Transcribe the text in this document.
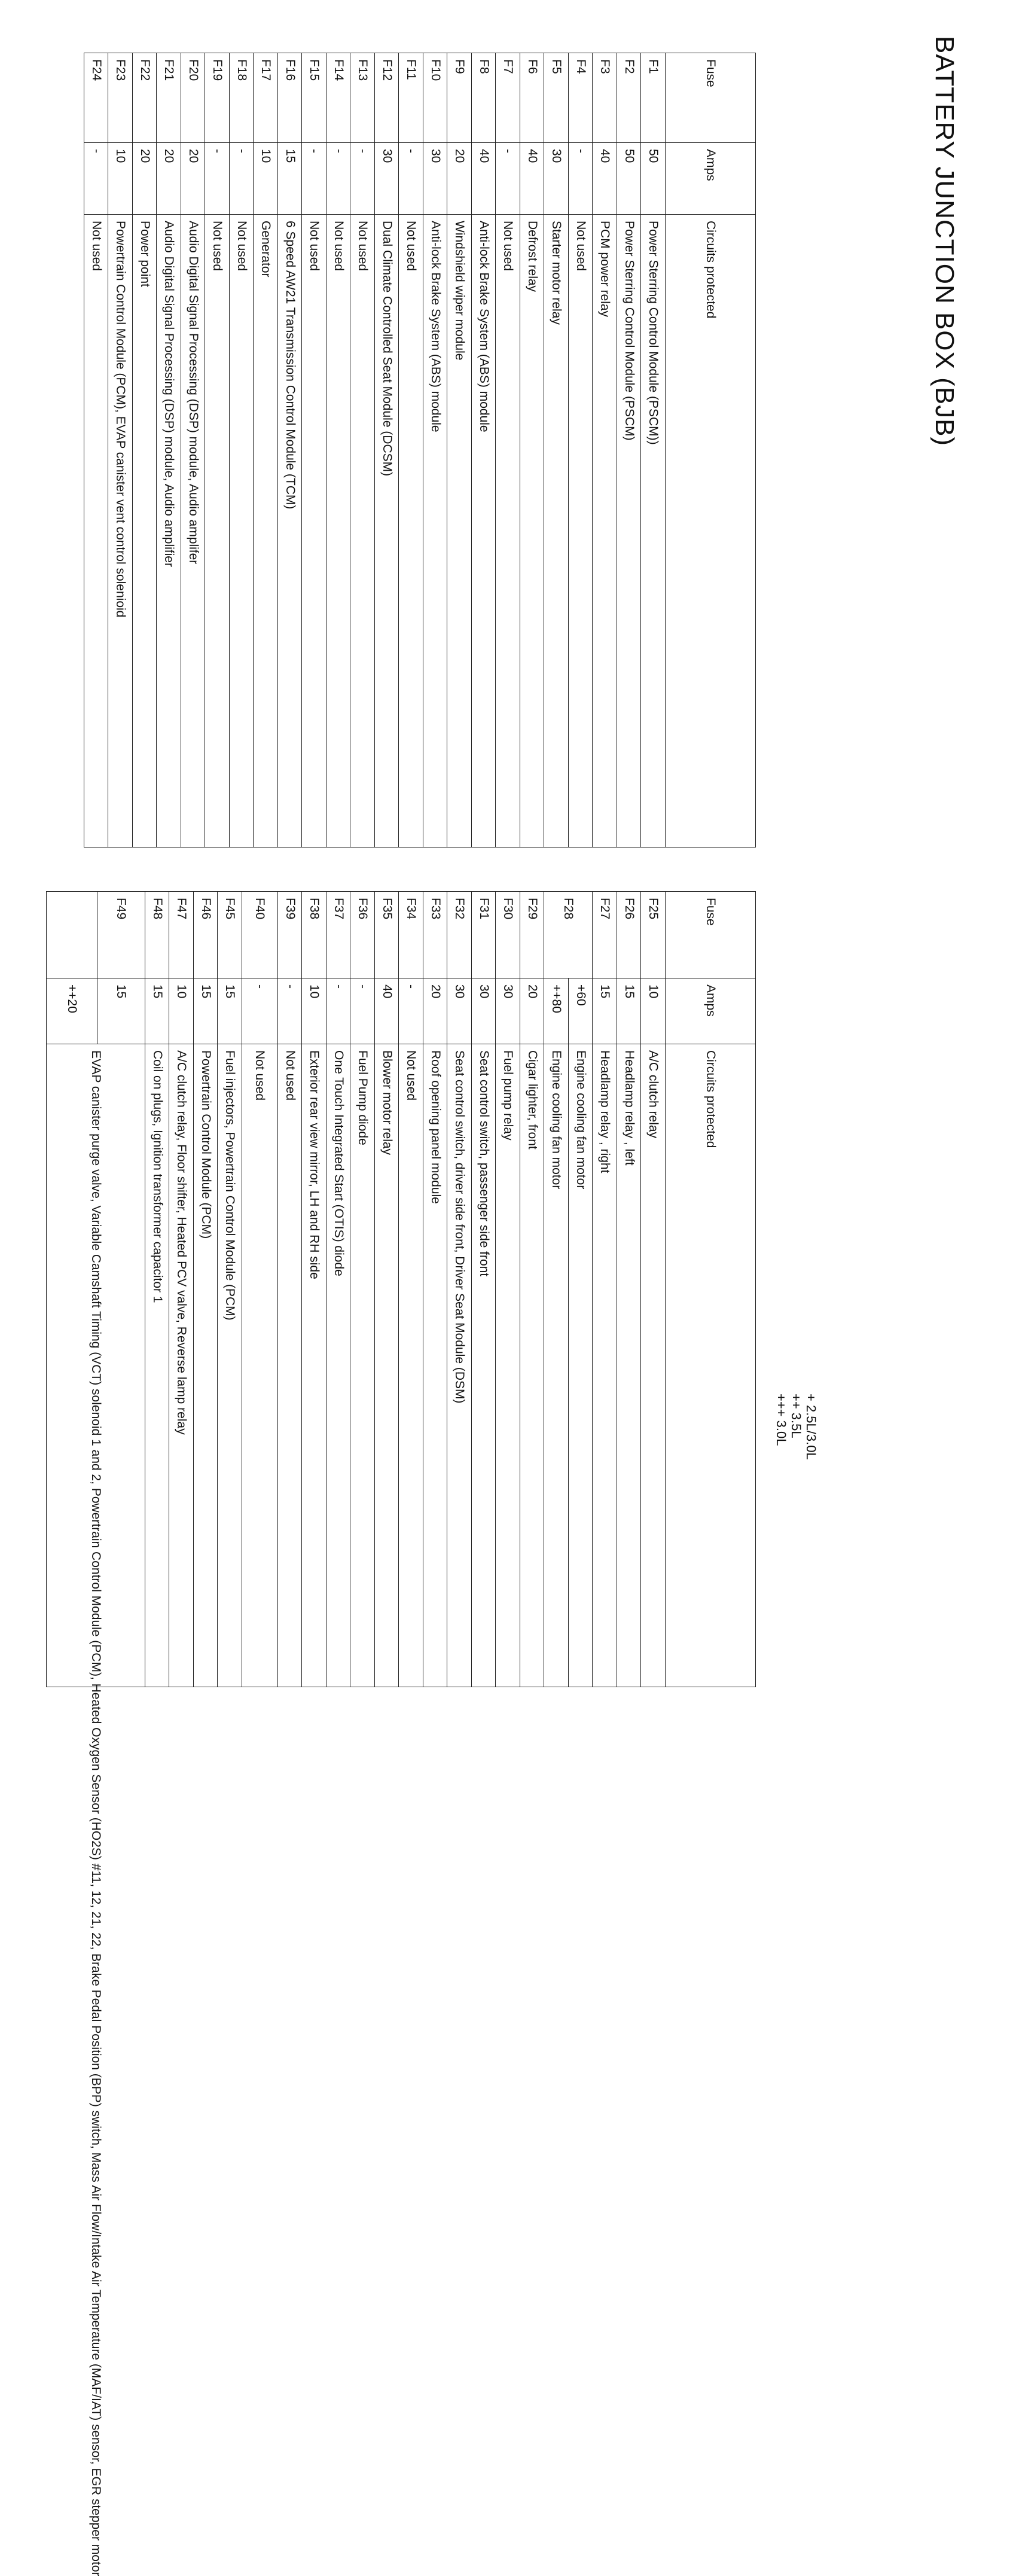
BATTERY JUNCTION BOX (BJB)
+ 2.5L/3.0L
++ 3.5L
+++ 3.0L
Fuse	Amps	Circuits protected
F1	50	Power Sterring Control Module (PSCM))
F2	50	Power Sterring Control Module (PSCM)
F3	40	PCM power relay
F4	-	Not used
F5	30	Starter motor relay
F6	40	Defrost relay
F7	-	Not used
F8	40	Anti-lock Brake System (ABS) module
F9	20	Windshield wiper module
F10	30	Anti-lock Brake System (ABS) module
F11	-	Not used
F12	30	Dual Climate Controlled Seat Module (DCSM)
F13	-	Not used
F14	-	Not used
F15	-	Not used
F16	15	6 Speed AW21 Transmission Control Module (TCM)
F17	10	Generator
F18	-	Not used
F19	-	Not used
F20	20	Audio Digital Signal Processing (DSP) module, Audio amplifer
F21	20	Audio Digital Signal Processing (DSP) module, Audio amplifier
F22	20	Power point
F23	10	Powertrain Control Module (PCM), EVAP canister vent control solenioid
F24	-	Not used
Fuse	Amps	Circuits protected
F25	10	A/C clutch relay
F26	15	Headlamp relay , left
F27	15	Headlamp relay , right
F28	+60	Engine cooling fan motor
	++80	Engine cooling fan motor
F29	20	Cigar lighter, front
F30	30	Fuel pump relay
F31	30	Seat control switch, passenger side front
F32	30	Seat control switch, driver side front, Driver Seat Module (DSM)
F33	20	Roof opening panel module
F34	-	Not used
F35	40	Blower motor relay
F36	-	Fuel Pump diode
F37	-	One Touch Integrated Start (OTIS) diode
F38	10	Exterior rear view mirror, LH and RH side
F39	-	Not used
F40	-	Not used
F45	15	Fuel injectors, Powertrain Control Module (PCM)
F46	15	Powertrain Control Module (PCM)
F47	10	A/C clutch relay, Floor shifter, Heated PCV valve, Reverse lamp relay
F48	15	Coil on plugs, Ignition transformer capacitor 1
F49	15	EVAP canister purge valve, Variable Camshaft Timing (VCT) solenoid 1 and 2, Powertrain Control Module (PCM), Heated Oxygen Sensor (HO2S) #11, 12, 21, 22, Brake Pedal Position (BPP) switch, Mass Air Flow/Intake Air Temperature (MAF/IAT) sensor, EGR stepper motor
	++20	
